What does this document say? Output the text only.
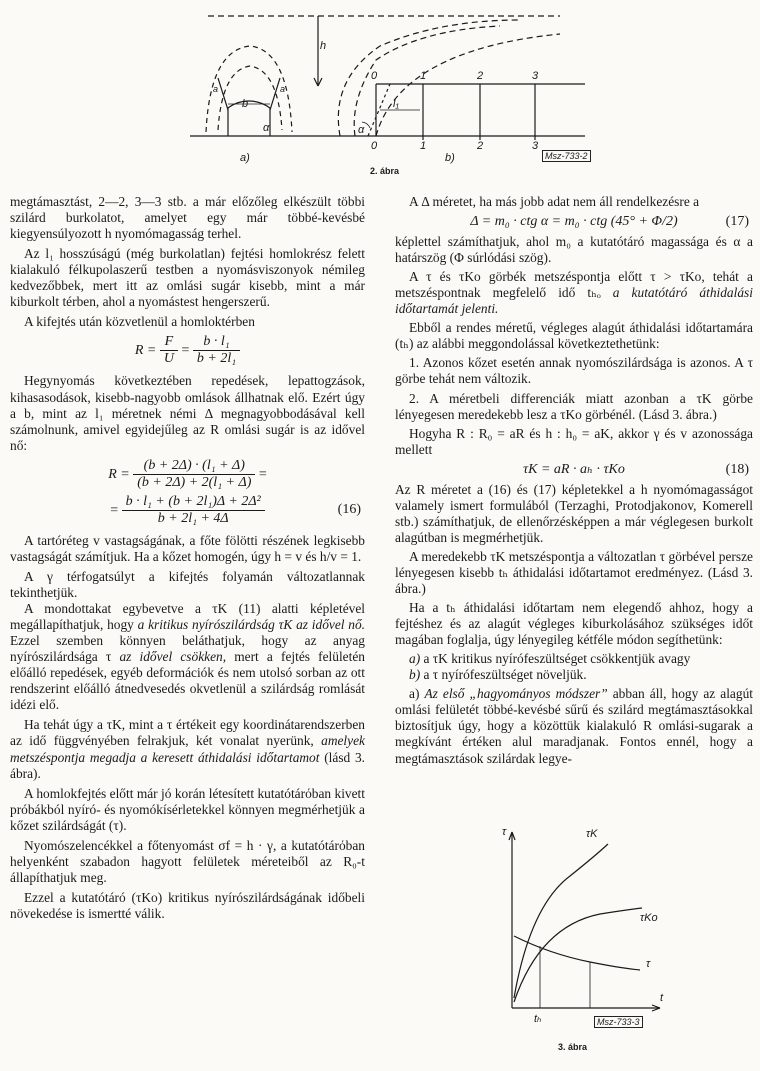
h
b
a	a
α	α
l₁
0	1	2	3
0	1	2	3
a)	b)	Msz-733-2
2. ábra

megtámasztást, 2—2, 3—3 stb. a már előzőleg elkészült többi szilárd burkolatot, amelyet egy már többé-kevésbé kiegyensúlyozott h nyomómagasság terhel.

Az l₁ hosszúságú (még burkolatlan) fejtési homlokrész felett kialakuló félkupolaszerű testben a nyomásviszonyok némileg kedvezőbbek, mert itt az omlási sugár kisebb, mint a már kiburkolt térben, ahol a nyomástest hengerszerű.

A kifejtés után közvetlenül a homloktérben

$R = \frac{F}{U} = \frac{\text{b · l₁}}{\text{b + 2l₁}}$

Hegynyomás következtében repedések, lepattogzások, kihasasodások, kisebb-nagyobb omlások állhatnak elő. Ezért úgy a b, mint az l₁ méretnek némi Δ megnagyobbodásával kell számolnunk, amivel egyidejűleg az R omlási sugár is az idővel nő:

$R = \frac{\text{(b + 2Δ) · (l₁ + Δ)}}{\text{(b + 2Δ) + 2(l₁ + Δ)}}$ =
= $\frac{\text{b · l₁ + (b + 2l₁)Δ + 2Δ²}}{\text{b + 2l₁ + 4Δ}}$	(16)

A tartóréteg v vastagságának, a főte fölötti részének legkisebb vastagságát számítjuk. Ha a kőzet homogén, úgy h = v és h/v = 1.

A γ térfogatsúlyt a kifejtés folyamán változatlannak tekinthetjük.

A mondottakat egybevetve a τK (11) alatti képletével megállapíthatjuk, hogy a kritikus nyírószilárdság τK az idővel nő. Ezzel szemben könnyen beláthatjuk, hogy az anyag nyírószilárdsága τ az idővel csökken, mert a fejtés felületén előálló repedések, egyéb deformációk és nem utolsó sorban az ott rendszerint előálló átnedvesedés okvetlenül a szilárdság romlását idézi elő.

Ha tehát úgy a τK, mint a τ értékeit egy koordinátarendszerben az idő függvényében felrakjuk, két vonalat nyerünk, amelyek metszéspontja megadja a keresett áthidalási időtartamot (lásd 3. ábra).

A homlokfejtés előtt már jó korán létesített kutatótárόban kivett próbákból nyíró- és nyomókísérletekkel könnyen megmérhetjük a kőzet szilárdságát (τ).

Nyomószelencékkel a főtenyomást σf = h · γ, a kutatótárόban helyenként szabadon hagyott felületek méreteiből az R₀-t állapíthatjuk meg.

Ezzel a kutatótáró (τKo) kritikus nyírószilárdságának időbeli növekedése is ismertté válik.

A Δ méretet, ha más jobb adat nem áll rendelkezésre a

Δ = m₀ · ctg α = m₀ · ctg (45° + Φ/2)	(17)

képlettel számíthatjuk, ahol m₀ a kutatótáró magassága és α a határszög (Φ súrlódási szög).

A τ és τKo görbék metszéspontja előtt τ > τKo, tehát a metszéspontnak megfelelő idő tₕₒ a kutatótáró áthidalási időtartamát jelenti.

Ebből a rendes méretű, végleges alagút áthidalási időtartamára (tₕ) az alábbi meggondolással következtethetünk:

1. Azonos kőzet esetén annak nyomószilárdsága is azonos. A τ görbe tehát nem változik.

2. A méretbeli differenciák miatt azonban a τK görbe lényegesen meredekebb lesz a τKo görbénél. (Lásd 3. ábra.)

Hogyha R : R₀ = aR és h : h₀ = aK, akkor γ és v azonossága mellett

τK = aR · aₕ · τKo	(18)

Az R méretet a (16) és (17) képletekkel a h nyomómagasságot valamely ismert formulából (Terzaghi, Protodjakonov, Komerell stb.) számíthatjuk, de ellenőrzésképpen a már véglegesen burkolt alagútban is megmérhetjük.

A meredekebb τK metszéspontja a változatlan τ görbével persze lényegesen kisebb tₕ áthidalási időtartamot eredményez. (Lásd 3. ábra.)

Ha a tₕ áthidalási időtartam nem elegendő ahhoz, hogy a fejtéshez és az alagút végleges kiburkolásához szükséges időt magában foglalja, úgy lényegileg kétféle módon segíthetünk:

a) a τK kritikus nyírófeszültséget csökkentjük avagy

b) a τ nyírófeszültséget növeljük.

a) Az első „hagyományos módszer” abban áll, hogy az alagút omlási felületét többé-kevésbé sűrű és szilárd megtámasztásokkal biztosítjuk úgy, hogy a közöttük kialakuló R omlási-sugarak a megkívánt értéken alul maradjanak. Fontos ennél, hogy a megtámasztások szilárdak legye-

τ	τK
τKo
τ
t
tₕ	Msz-733-3
3. ábra
